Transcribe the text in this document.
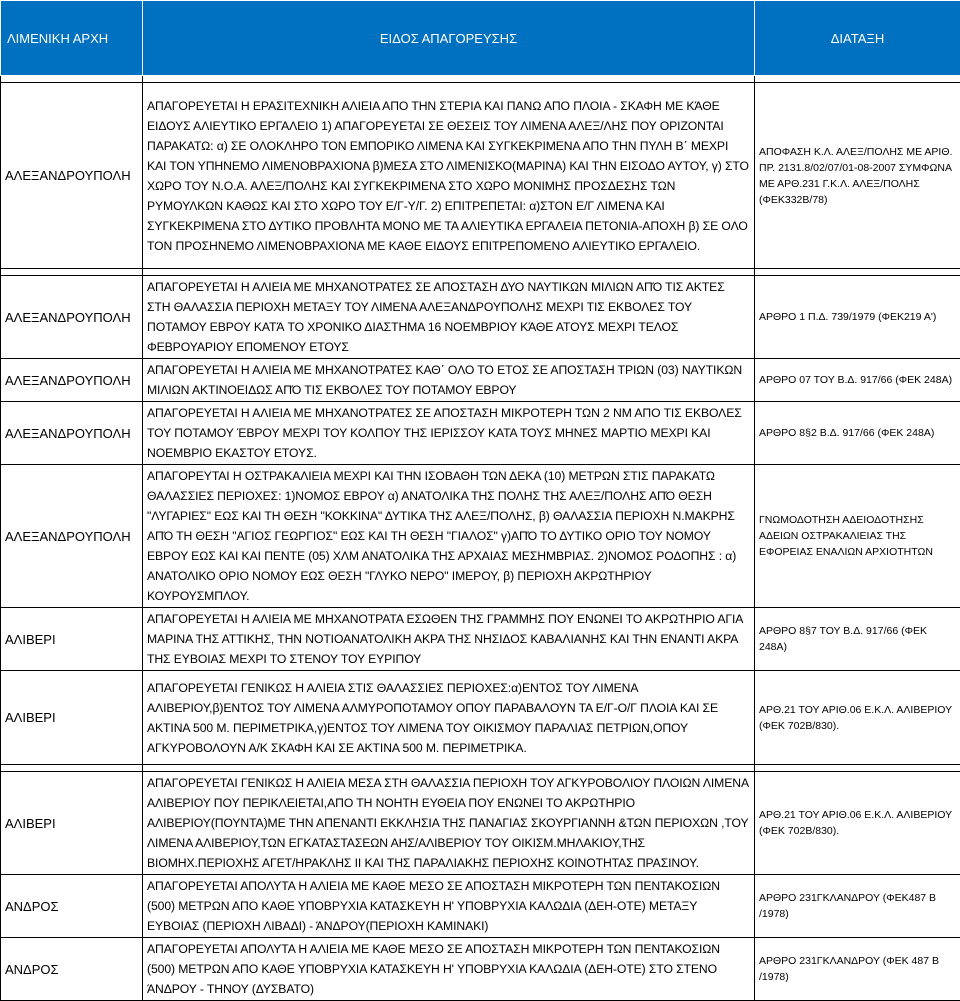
ΛΙΜΕΝΙΚΗ ΑΡΧΗ	ΕΙΔΟΣ ΑΠΑΓΟΡΕΥΣΗΣ	ΔΙΑΤΑΞΗ

ΑΛΕΞΑΝΔΡΟΥΠΟΛΗ	ΑΠΑΓΟΡΕΥΕΤΑΙ Η ΕΡΑΣΙΤΕΧΝΙΚΗ ΑΛΙΕΙΑ ΑΠΟ ΤΗΝ ΣΤΕΡΙΑ ΚΑΙ ΠΑΝΩ ΑΠΟ ΠΛΟΙΑ - ΣΚΑΦΗ ΜΕ ΚΆΘΕ ΕΙΔΟΥΣ ΑΛΙΕΥΤΙΚΟ ΕΡΓΑΛΕΙΟ 1) ΑΠΑΓΟΡΕΥΕΤΑΙ ΣΕ ΘΕΣΕΙΣ ΤΟΥ ΛΙΜΕΝΑ ΑΛΕΞ/ΛΗΣ ΠΟΥ ΟΡΙΖΟΝΤΑΙ ΠΑΡΑΚΑΤΩ: α) ΣΕ ΟΛΟΚΛΗΡΟ ΤΟΝ ΕΜΠΟΡΙΚΟ ΛΙΜΕΝΑ ΚΑΙ ΣΥΓΚΕΚΡΙΜΕΝΑ ΑΠΟ ΤΗΝ ΠΥΛΗ Β΄ ΜΕΧΡΙ ΚΑΙ ΤΟΝ ΥΠΗΝΕΜΟ ΛΙΜΕΝΟΒΡΑΧΙΟΝΑ β)ΜΕΣΑ ΣΤΟ ΛΙΜΕΝΙΣΚΟ(ΜΑΡΙΝΑ) ΚΑΙ ΤΗΝ ΕΙΣΟΔΟ ΑΥΤΟΥ, γ) ΣΤΟ ΧΩΡΟ ΤΟΥ Ν.Ο.Α. ΑΛΕΞ/ΠΟΛΗΣ ΚΑΙ ΣΥΓΚΕΚΡΙΜΕΝΑ ΣΤΟ ΧΩΡΟ ΜΟΝΙΜΗΣ ΠΡΟΣΔΕΣΗΣ ΤΩΝ ΡΥΜΟΥΛΚΩΝ ΚΑΘΩΣ ΚΑΙ ΣΤΟ ΧΩΡΟ ΤΟΥ Ε/Γ-Υ/Γ. 2) ΕΠΙΤΡΕΠΕΤΑΙ: α)ΣΤΟΝ Ε/Γ ΛΙΜΕΝΑ ΚΑΙ ΣΥΓΚΕΚΡΙΜΕΝΑ ΣΤΟ ΔΥΤΙΚΟ ΠΡΟΒΛΗΤΑ ΜΟΝΟ ΜΕ ΤΑ ΑΛΙΕΥΤΙΚΑ ΕΡΓΑΛΕΙΑ ΠΕΤΟΝΙΑ-ΑΠΟΧΗ β) ΣΕ ΟΛΟ ΤΟΝ ΠΡΟΣΗΝΕΜΟ ΛΙΜΕΝΟΒΡΑΧΙΟΝΑ ΜΕ ΚΑΘΕ ΕΙΔΟΥΣ ΕΠΙΤΡΕΠΟΜΕΝΟ ΑΛΙΕΥΤΙΚΟ ΕΡΓΑΛΕΙΟ.	ΑΠΟΦΑΣΗ Κ.Λ. ΑΛΕΞ/ΠΟΛΗΣ ΜΕ ΑΡΙΘ. ΠΡ. 2131.8/02/07/01-08-2007 ΣΥΜΦΩΝΑ ΜΕ ΑΡΘ.231 Γ.Κ.Λ. ΑΛΕΞ/ΠΟΛΗΣ (ΦΕΚ332Β/78)

ΑΛΕΞΑΝΔΡΟΥΠΟΛΗ	ΑΠΑΓΟΡΕΥΕΤΑΙ Η ΑΛΙΕΙΑ ΜΕ ΜΗΧΑΝΟΤΡΑΤΕΣ ΣΕ ΑΠΟΣΤΑΣΗ ΔΥΟ ΝΑΥΤΙΚΩΝ ΜΙΛΙΩΝ ΑΠΌ ΤΙΣ ΑΚΤΕΣ ΣΤΗ ΘΑΛΑΣΣΙΑ ΠΕΡΙΟΧΗ ΜΕΤΑΞΥ ΤΟΥ ΛΙΜΕΝΑ ΑΛΕΞΑΝΔΡΟΥΠΟΛΗΣ ΜΕΧΡΙ ΤΙΣ ΕΚΒΟΛΕΣ ΤΟΥ ΠΟΤΑΜΟΥ ΕΒΡΟΥ ΚΑΤΆ ΤΟ ΧΡΟΝΙΚΟ ΔΙΑΣΤΗΜΑ 16 ΝΟΕΜΒΡΙΟΥ ΚΆΘΕ ΑΤΟΥΣ ΜΕΧΡΙ ΤΕΛΟΣ ΦΕΒΡΟΥΑΡΙΟΥ ΕΠΟΜΕΝΟΥ ΕΤΟΥΣ	ΑΡΘΡΟ 1 Π.Δ. 739/1979 (ΦΕΚ219 Α')
ΑΛΕΞΑΝΔΡΟΥΠΟΛΗ	ΑΠΑΓΟΡΕΥΕΤΑΙ Η ΑΛΙΕΙΑ ΜΕ ΜΗΧΑΝΟΤΡΑΤΕΣ ΚΑΘ΄ ΟΛΟ ΤΟ ΕΤΟΣ ΣΕ ΑΠΟΣΤΑΣΗ ΤΡΙΩΝ (03) ΝΑΥΤΙΚΩΝ ΜΙΛΙΩΝ ΑΚΤΙΝΟΕΙΔΩΣ ΑΠΌ ΤΙΣ ΕΚΒΟΛΕΣ ΤΟΥ ΠΟΤΑΜΟΥ ΕΒΡΟΥ	ΑΡΘΡΟ 07 ΤΟΥ Β.Δ. 917/66 (ΦΕΚ 248Α)
ΑΛΕΞΑΝΔΡΟΥΠΟΛΗ	ΑΠΑΓΟΡΕΥΕΤΑΙ Η ΑΛΙΕΙΑ ΜΕ ΜΗΧΑΝΟΤΡΑΤΕΣ ΣΕ ΑΠΟΣΤΑΣΗ ΜΙΚΡΟΤΕΡΗ ΤΩΝ 2 ΝΜ ΑΠΟ ΤΙΣ ΕΚΒΟΛΕΣ ΤΟΥ ΠΟΤΑΜΟΥ ΈΒΡΟΥ ΜΕΧΡΙ ΤΟΥ ΚΟΛΠΟΥ ΤΗΣ ΙΕΡΙΣΣΟΥ ΚΑΤΑ ΤΟΥΣ ΜΗΝΕΣ ΜΑΡΤΙΟ ΜΕΧΡΙ ΚΑΙ ΝΟΕΜΒΡΙΟ ΕΚΑΣΤΟΥ ΕΤΟΥΣ.	ΑΡΘΡΟ 8§2 Β.Δ. 917/66 (ΦΕΚ 248Α)
ΑΛΕΞΑΝΔΡΟΥΠΟΛΗ	ΑΠΑΓΟΡΕΥΤΑΙ Η ΟΣΤΡΑΚΑΛΙΕΙΑ ΜΕΧΡΙ ΚΑΙ ΤΗΝ ΙΣΟΒΑΘΗ ΤΩΝ ΔΕΚΑ (10) ΜΕΤΡΩΝ ΣΤΙΣ ΠΑΡΑΚΑΤΩ ΘΑΛΑΣΣΙΕΣ ΠΕΡΙΟΧΕΣ: 1)ΝΟΜΟΣ ΕΒΡΟΥ α) ΑΝΑΤΟΛΙΚΑ ΤΗΣ ΠΟΛΗΣ ΤΗΣ ΑΛΕΞ/ΠΟΛΗΣ ΑΠΌ ΘΕΣΗ "ΛΥΓΑΡΙΕΣ" ΕΩΣ ΚΑΙ ΤΗ ΘΕΣΗ "ΚΟΚΚΙΝΑ" ΔΥΤΙΚΑ ΤΗΣ ΑΛΕΞ/ΠΟΛΗΣ, β) ΘΑΛΑΣΣΙΑ ΠΕΡΙΟΧΗ Ν.ΜΑΚΡΗΣ ΑΠΌ ΤΗ ΘΕΣΗ "ΑΓΙΟΣ ΓΕΩΡΓΙΟΣ" ΕΩΣ ΚΑΙ ΤΗ ΘΕΣΗ "ΓΙΑΛΟΣ" γ)ΑΠΌ ΤΟ ΔΥΤΙΚΟ ΟΡΙΟ ΤΟΥ ΝΟΜΟΥ ΕΒΡΟΥ ΕΩΣ ΚΑΙ ΚΑΙ ΠΕΝΤΕ (05) ΧΛΜ ΑΝΑΤΟΛΙΚΑ ΤΗΣ ΑΡΧΑΙΑΣ ΜΕΣΗΜΒΡΙΑΣ. 2)ΝΟΜΟΣ ΡΟΔΟΠΗΣ : α) ΑΝΑΤΟΛΙΚΟ ΟΡΙΟ ΝΟΜΟΥ ΕΩΣ ΘΕΣΗ "ΓΛΥΚΟ ΝΕΡΟ" ΙΜΕΡΟΥ, β) ΠΕΡΙΟΧΗ ΑΚΡΩΤΗΡΙΟΥ ΚΟΥΡΟΥΣΜΠΛΟΥ.	ΓΝΩΜΟΔΟΤΗΣΗ ΑΔΕΙΟΔΟΤΗΣΗΣ ΑΔΕΙΩΝ ΟΣΤΡΑΚΑΛΙΕΙΑΣ ΤΗΣ ΕΦΟΡΕΙΑΣ ΕΝΑΛΙΩΝ ΑΡΧΙΟΤΗΤΩΝ
ΑΛΙΒΕΡΙ	ΑΠΑΓΟΡΕΥΕΤΑΙ Η ΑΛΙΕΙΑ ΜΕ ΜΗΧΑΝΟΤΡΑΤΑ ΕΣΩΘΕΝ ΤΗΣ ΓΡΑΜΜΗΣ ΠΟΥ ΕΝΩΝΕΙ ΤΟ ΑΚΡΩΤΗΡΙΟ ΑΓΙΑ ΜΑΡΙΝΑ ΤΗΣ ΑΤΤΙΚΗΣ, ΤΗΝ ΝΟΤΙΟΑΝΑΤΟΛΙΚΗ ΑΚΡΑ ΤΗΣ ΝΗΣΙΔΟΣ ΚΑΒΑΛΙΑΝΗΣ ΚΑΙ ΤΗΝ ΕΝΑΝΤΙ ΑΚΡΑ ΤΗΣ ΕΥΒΟΙΑΣ ΜΕΧΡΙ ΤΟ ΣΤΕΝΟΥ ΤΟΥ ΕΥΡΙΠΟΥ	ΑΡΘΡΟ 8§7 ΤΟΥ Β.Δ. 917/66 (ΦΕΚ 248Α)
ΑΛΙΒΕΡΙ	ΑΠΑΓΟΡΕΥΕΤΑΙ ΓΕΝΙΚΩΣ Η ΑΛΙΕΙΑ ΣΤΙΣ ΘΑΛΑΣΣΙΕΣ ΠΕΡΙΟΧΕΣ:α)ΕΝΤΟΣ ΤΟΥ ΛΙΜΕΝΑ ΑΛΙΒΕΡΙΟΥ,β)ΕΝΤΟΣ ΤΟΥ ΛΙΜΕΝΑ ΑΛΜΥΡΟΠΟΤΑΜΟΥ ΟΠΟΥ ΠΑΡΑΒΑΛΟΥΝ ΤΑ Ε/Γ-Ο/Γ ΠΛΟΙΑ ΚΑΙ ΣΕ ΑΚΤΙΝΑ 500 Μ. ΠΕΡΙΜΕΤΡΙΚΑ,γ)ΕΝΤΟΣ ΤΟΥ ΛΙΜΕΝΑ ΤΟΥ ΟΙΚΙΣΜΟΥ ΠΑΡΑΛΙΑΣ ΠΕΤΡΙΩΝ,ΟΠΟΥ ΑΓΚΥΡΟΒΟΛΟΥΝ Α/Κ ΣΚΑΦΗ ΚΑΙ ΣΕ ΑΚΤΙΝΑ 500 Μ. ΠΕΡΙΜΕΤΡΙΚΑ.	ΑΡΘ.21 ΤΟΥ ΑΡΙΘ.06 Ε.Κ.Λ. ΑΛΙΒΕΡΙΟΥ (ΦΕΚ 702Β/830).

ΑΛΙΒΕΡΙ	ΑΠΑΓΟΡΕΥΕΤΑΙ ΓΕΝΙΚΩΣ Η ΑΛΙΕΙΑ ΜΕΣΑ ΣΤΗ ΘΑΛΑΣΣΙΑ ΠΕΡΙΟΧΗ ΤΟΥ ΑΓΚΥΡΟΒΟΛΙΟΥ ΠΛΟΙΩΝ ΛΙΜΕΝΑ ΑΛΙΒΕΡΙΟΥ ΠΟΥ ΠΕΡΙΚΛΕΙΕΤΑΙ,ΑΠΟ ΤΗ ΝΟΗΤΗ ΕΥΘΕΙΑ ΠΟΥ ΕΝΩΝΕΙ ΤΟ ΑΚΡΩΤΗΡΙΟ ΑΛΙΒΕΡΙΟΥ(ΠΟΥΝΤΑ)ΜΕ ΤΗΝ ΑΠΕΝΑΝΤΙ ΕΚΚΛΗΣΙΑ ΤΗΣ ΠΑΝΑΓΙΑΣ ΣΚΟΥΡΓΙΑΝΝΗ &ΤΩΝ ΠΕΡΙΟΧΩΝ ,ΤΟΥ ΛΙΜΕΝΑ ΑΛΙΒΕΡΙΟΥ,ΤΩΝ ΕΓΚΑΤΑΣΤΑΣΕΩΝ ΑΗΣ/ΑΛΙΒΕΡΙΟΥ ΤΟΥ ΟΙΚΙΣΜ.ΜΗΛΑΚΙΟΥ,ΤΗΣ ΒΙΟΜΗΧ.ΠΕΡΙΟΧΗΣ ΑΓΕΤ/ΗΡΑΚΛΗΣ ΙΙ ΚΑΙ ΤΗΣ ΠΑΡΑΛΙΑΚΗΣ ΠΕΡΙΟΧΗΣ ΚΟΙΝΟΤΗΤΑΣ ΠΡΑΣΙΝΟΥ.	ΑΡΘ.21 ΤΟΥ ΑΡΙΘ.06 Ε.Κ.Λ. ΑΛΙΒΕΡΙΟΥ (ΦΕΚ 702Β/830).
ΑΝΔΡΟΣ	ΑΠΑΓΟΡΕΥΕΤΑΙ ΑΠΟΛΥΤΑ Η ΑΛΙΕΙΑ ΜΕ ΚΑΘΕ ΜΕΣΟ ΣΕ ΑΠΟΣΤΑΣΗ ΜΙΚΡΟΤΕΡΗ ΤΩΝ ΠΕΝΤΑΚΟΣΙΩΝ (500) ΜΕΤΡΩΝ ΑΠΟ ΚΑΘΕ ΥΠΟΒΡΥΧΙΑ ΚΑΤΑΣΚΕΥΗ Η' ΥΠΟΒΡΥΧΙΑ ΚΑΛΩΔΙΑ (ΔΕΗ-ΟΤΕ) ΜΕΤΑΞΥ ΕΥΒΟΙΑΣ (ΠΕΡΙΟΧΗ ΛΙΒΑΔΙ) - ΆΝΔΡΟΥ(ΠΕΡΙΟΧΗ ΚΑΜΙΝΑΚΙ)	ΑΡΘΡΟ 231ΓΚΛΑΝΔΡΟΥ (ΦΕΚ487 Β /1978)
ΑΝΔΡΟΣ	ΑΠΑΓΟΡΕΥΕΤΑΙ ΑΠΟΛΥΤΑ Η ΑΛΙΕΙΑ ΜΕ ΚΑΘΕ ΜΕΣΟ ΣΕ ΑΠΟΣΤΑΣΗ ΜΙΚΡΟΤΕΡΗ ΤΩΝ ΠΕΝΤΑΚΟΣΙΩΝ (500) ΜΕΤΡΩΝ ΑΠΟ ΚΑΘΕ ΥΠΟΒΡΥΧΙΑ ΚΑΤΑΣΚΕΥΗ Η' ΥΠΟΒΡΥΧΙΑ ΚΑΛΩΔΙΑ (ΔΕΗ-ΟΤΕ) ΣΤΟ ΣΤΕΝΟ ΆΝΔΡΟΥ - ΤΗΝΟΥ (ΔΥΣΒΑΤΟ)	ΑΡΘΡΟ 231ΓΚΛΑΝΔΡΟΥ (ΦΕΚ 487 Β /1978)
